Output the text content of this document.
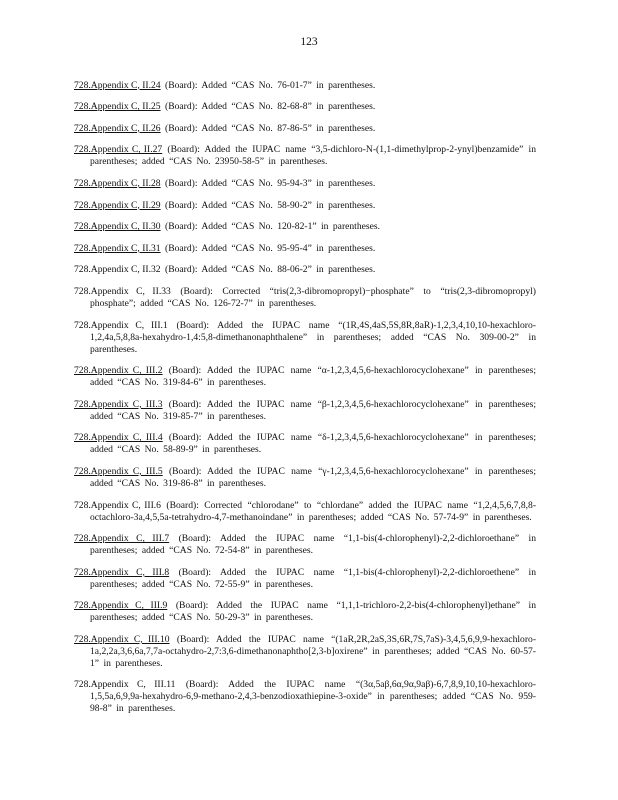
123

728.Appendix C, II.24 (Board): Added “CAS No. 76-01-7” in parentheses.

728.Appendix C, II.25 (Board): Added “CAS No. 82-68-8” in parentheses.

728.Appendix C, II.26 (Board): Added “CAS No. 87-86-5” in parentheses.

728.Appendix C, II.27 (Board): Added the IUPAC name “3,5-dichloro-N-(1,1-dimethylprop-2-ynyl)benzamide” in parentheses; added “CAS No. 23950-58-5” in parentheses.

728.Appendix C, II.28 (Board): Added “CAS No. 95-94-3” in parentheses.

728.Appendix C, II.29 (Board): Added “CAS No. 58-90-2” in parentheses.

728.Appendix C, II.30 (Board): Added “CAS No. 120-82-1” in parentheses.

728.Appendix C, II.31 (Board): Added “CAS No. 95-95-4” in parentheses.

728.Appendix C, II.32 (Board): Added “CAS No. 88-06-2” in parentheses.

728.Appendix C, II.33 (Board): Corrected “tris(2,3-dibromopropyl)−phosphate” to “tris(2,3-dibromopropyl) phosphate”; added “CAS No. 126-72-7” in parentheses.

728.Appendix C, III.1 (Board): Added the IUPAC name “(1R,4S,4aS,5S,8R,8aR)-1,2,3,4,10,10-hexachloro-1,2,4a,5,8,8a-hexahydro-1,4:5,8-dimethanonaphthalene” in parentheses; added “CAS No. 309-00-2” in parentheses.

728.Appendix C, III.2 (Board): Added the IUPAC name “α-1,2,3,4,5,6-hexachlorocyclohexane” in parentheses; added “CAS No. 319-84-6” in parentheses.

728.Appendix C, III.3 (Board): Added the IUPAC name “β-1,2,3,4,5,6-hexachlorocyclohexane” in parentheses; added “CAS No. 319-85-7” in parentheses.

728.Appendix C, III.4 (Board): Added the IUPAC name “δ-1,2,3,4,5,6-hexachlorocyclohexane” in parentheses; added “CAS No. 58-89-9” in parentheses.

728.Appendix C, III.5 (Board): Added the IUPAC name “γ-1,2,3,4,5,6-hexachlorocyclohexane” in parentheses; added “CAS No. 319-86-8” in parentheses.

728.Appendix C, III.6 (Board): Corrected “chlorodane” to “chlordane” added the IUPAC name “1,2,4,5,6,7,8,8-octachloro-3a,4,5,5a-tetrahydro-4,7-methanoindane” in parentheses; added “CAS No. 57-74-9” in parentheses.

728.Appendix C, III.7 (Board): Added the IUPAC name “1,1-bis(4-chlorophenyl)-2,2-dichloroethane” in parentheses; added “CAS No. 72-54-8” in parentheses.

728.Appendix C, III.8 (Board): Added the IUPAC name “1,1-bis(4-chlorophenyl)-2,2-dichloroethene” in parentheses; added “CAS No. 72-55-9” in parentheses.

728.Appendix C, III.9 (Board): Added the IUPAC name “1,1,1-trichloro-2,2-bis(4-chlorophenyl)ethane” in parentheses; added “CAS No. 50-29-3” in parentheses.

728.Appendix C, III.10 (Board): Added the IUPAC name “(1aR,2R,2aS,3S,6R,7S,7aS)-3,4,5,6,9,9-hexachloro-1a,2,2a,3,6,6a,7,7a-octahydro-2,7:3,6-dimethanonaphtho[2,3-b]oxirene” in parentheses; added “CAS No. 60-57-1” in parentheses.

728.Appendix C, III.11 (Board): Added the IUPAC name “(3α,5aβ,6α,9α,9aβ)-6,7,8,9,10,10-hexachloro-1,5,5a,6,9,9a-hexahydro-6,9-methano-2,4,3-benzodioxathiepine-3-oxide” in parentheses; added “CAS No. 959-98-8” in parentheses.
